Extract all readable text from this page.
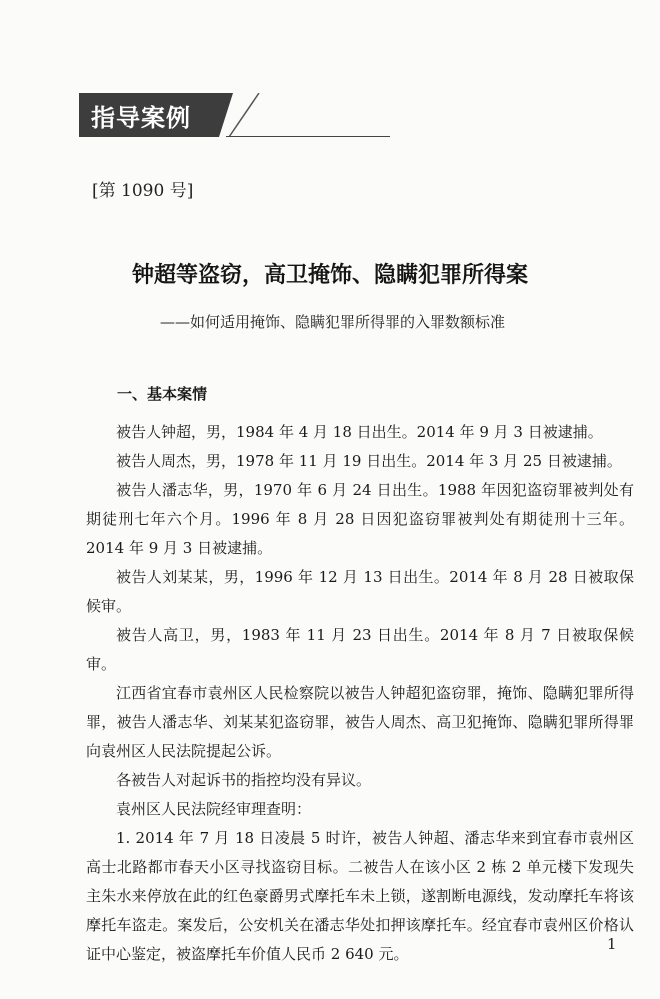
指导案例
[第 1090 号]
钟超等盗窃，高卫掩饰、隐瞒犯罪所得案
——如何适用掩饰、隐瞒犯罪所得罪的入罪数额标准
一、基本案情

被告人钟超，男，1984 年 4 月 18 日出生。2014 年 9 月 3 日被逮捕。

被告人周杰，男，1978 年 11 月 19 日出生。2014 年 3 月 25 日被逮捕。

被告人潘志华，男，1970 年 6 月 24 日出生。1988 年因犯盗窃罪被判处有期徒刑七年六个月。1996 年 8 月 28 日因犯盗窃罪被判处有期徒刑十三年。2014 年 9 月 3 日被逮捕。

被告人刘某某，男，1996 年 12 月 13 日出生。2014 年 8 月 28 日被取保候审。

被告人高卫，男，1983 年 11 月 23 日出生。2014 年 8 月 7 日被取保候审。

江西省宜春市袁州区人民检察院以被告人钟超犯盗窃罪，掩饰、隐瞒犯罪所得罪，被告人潘志华、刘某某犯盗窃罪，被告人周杰、高卫犯掩饰、隐瞒犯罪所得罪向袁州区人民法院提起公诉。

各被告人对起诉书的指控均没有异议。

袁州区人民法院经审理查明：

1. 2014 年 7 月 18 日凌晨 5 时许，被告人钟超、潘志华来到宜春市袁州区高士北路都市春天小区寻找盗窃目标。二被告人在该小区 2 栋 2 单元楼下发现失主朱水来停放在此的红色豪爵男式摩托车未上锁，遂割断电源线，发动摩托车将该摩托车盗走。案发后，公安机关在潘志华处扣押该摩托车。经宜春市袁州区价格认证中心鉴定，被盗摩托车价值人民币 2 640 元。

1
